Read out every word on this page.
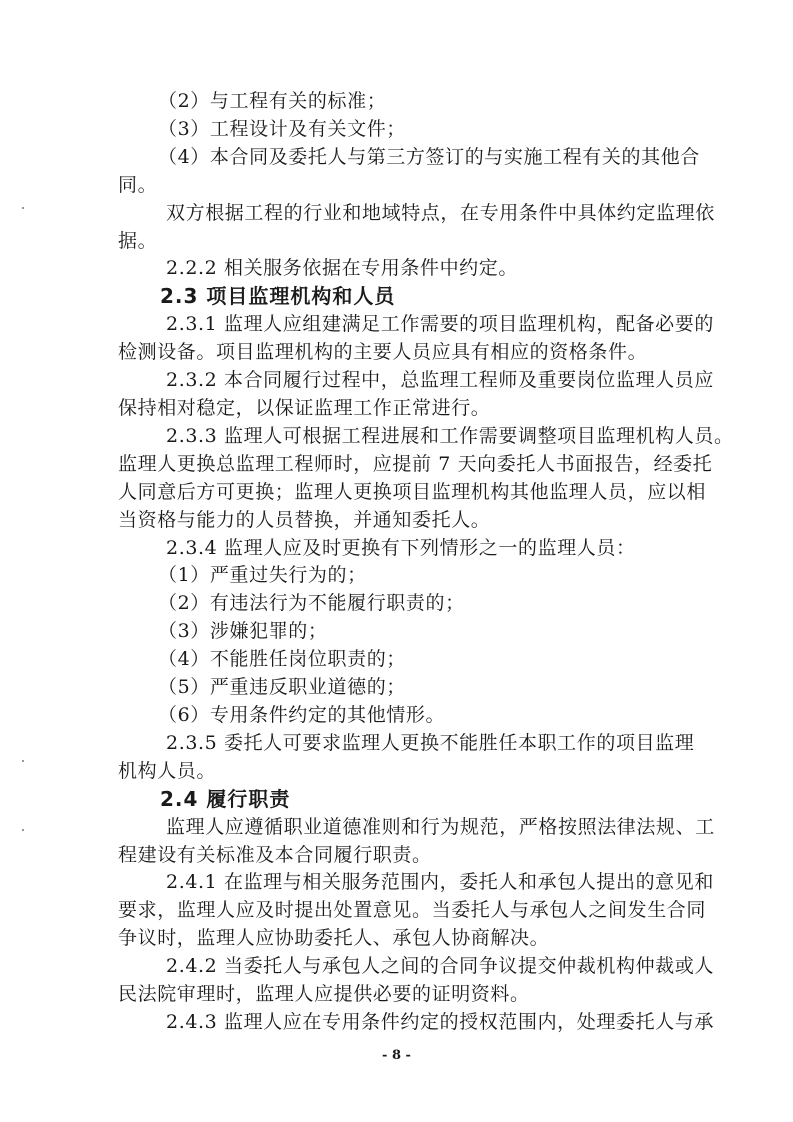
（2）与工程有关的标准；
（3）工程设计及有关文件；
（4）本合同及委托人与第三方签订的与实施工程有关的其他合
同。
双方根据工程的行业和地域特点，在专用条件中具体约定监理依
据。
2.2.2 相关服务依据在专用条件中约定。
2.3 项目监理机构和人员
2.3.1 监理人应组建满足工作需要的项目监理机构，配备必要的
检测设备。项目监理机构的主要人员应具有相应的资格条件。
2.3.2 本合同履行过程中，总监理工程师及重要岗位监理人员应
保持相对稳定，以保证监理工作正常进行。
2.3.3 监理人可根据工程进展和工作需要调整项目监理机构人员。
监理人更换总监理工程师时，应提前 7 天向委托人书面报告，经委托
人同意后方可更换；监理人更换项目监理机构其他监理人员，应以相
当资格与能力的人员替换，并通知委托人。
2.3.4 监理人应及时更换有下列情形之一的监理人员：
（1）严重过失行为的；
（2）有违法行为不能履行职责的；
（3）涉嫌犯罪的；
（4）不能胜任岗位职责的；
（5）严重违反职业道德的；
（6）专用条件约定的其他情形。
2.3.5 委托人可要求监理人更换不能胜任本职工作的项目监理
机构人员。
2.4 履行职责
监理人应遵循职业道德准则和行为规范，严格按照法律法规、工
程建设有关标准及本合同履行职责。
2.4.1 在监理与相关服务范围内，委托人和承包人提出的意见和
要求，监理人应及时提出处置意见。当委托人与承包人之间发生合同
争议时，监理人应协助委托人、承包人协商解决。
2.4.2 当委托人与承包人之间的合同争议提交仲裁机构仲裁或人
民法院审理时，监理人应提供必要的证明资料。
2.4.3 监理人应在专用条件约定的授权范围内，处理委托人与承
- 8 -
